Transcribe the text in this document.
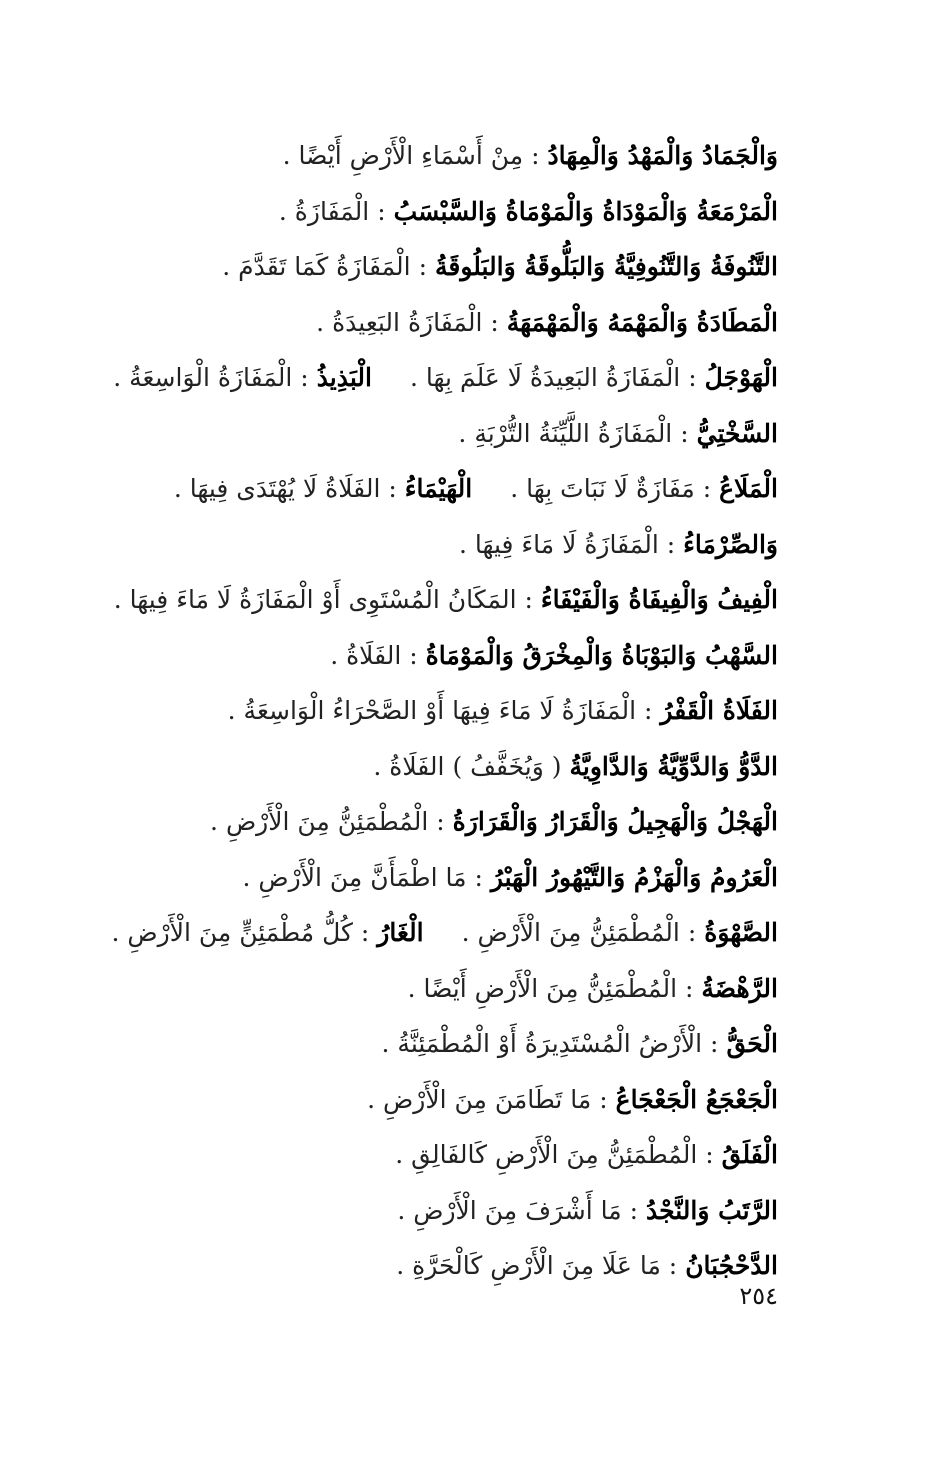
وَالْجَمَادُ وَالْمَهْدُ وَالْمِهَادُ : مِنْ أَسْمَاءِ الْأَرْضِ أَيْضًا .
الْمَرْمَعَةُ وَالْمَوْدَاةُ وَالْمَوْمَاةُ وَالسَّبْسَبُ : الْمَفَازَةُ .
التَّنُوفَةُ وَالتَّنُوفِيَّةُ وَالبَلُّوقَةُ وَالبَلُوقَةُ : الْمَفَازَةُ كَمَا تَقَدَّمَ .
الْمَطَادَةُ وَالْمَهْمَهُ وَالْمَهْمَهَةُ : الْمَفَازَةُ البَعِيدَةُ .
الْهَوْجَلُ : الْمَفَازَةُ البَعِيدَةُ لَا عَلَمَ بِهَا .الْبَذِيذُ : الْمَفَازَةُ الْوَاسِعَةُ .
السَّخْتِيُّ : الْمَفَازَةُ اللَّيِّنَةُ التُّرْبَةِ .
الْمَلَاعُ : مَفَازَةٌ لَا نَبَاتَ بِهَا .الْهَيْمَاءُ : الفَلَاةُ لَا يُهْتَدَى فِيهَا .
وَالصِّرْمَاءُ : الْمَفَازَةُ لَا مَاءَ فِيهَا .
الْفِيفُ وَالْفِيفَاةُ وَالْفَيْفَاءُ : المَكَانُ الْمُسْتَوِى أَوْ الْمَفَازَةُ لَا مَاءَ فِيهَا .
السَّهْبُ وَالبَوْبَاةُ وَالْمِخْرَقُ وَالْمَوْمَاةُ : الفَلَاةُ .
الفَلَاةُ الْقَفْرُ : الْمَفَازَةُ لَا مَاءَ فِيهَا أَوْ الصَّحْرَاءُ الْوَاسِعَةُ .
الدَّوُّ وَالدَّوِّيَّةُ وَالدَّاوِيَّةُ ( وَيُخَفَّفُ ) الفَلَاةُ .
الْهَجْلُ وَالْهَجِيلُ وَالْقَرَارُ وَالْقَرَارَةُ : الْمُطْمَئِنُّ مِنَ الْأَرْضِ .
الْعَرُومُ وَالْهَزْمُ وَالتَّيْهُورُ الْهَبْرُ : مَا اطْمَأَنَّ مِنَ الْأَرْضِ .
الصَّهْوَةُ : الْمُطْمَئِنُّ مِنَ الْأَرْضِ .الْغَارُ : كُلُّ مُطْمَئِنٍّ مِنَ الْأَرْضِ .
الرَّهْضَةُ : الْمُطْمَئِنُّ مِنَ الْأَرْضِ أَيْضًا .
الْحَقُّ : الْأَرْضُ الْمُسْتَدِيرَةُ أَوْ الْمُطْمَئِنَّةُ .
الْجَعْجَعُ الْجَعْجَاعُ : مَا تَطَامَنَ مِنَ الْأَرْضِ .
الْفَلَقُ : الْمُطْمَئِنُّ مِنَ الْأَرْضِ كَالفَالِقِ .
الرَّتَبُ وَالنَّجْدُ : مَا أَشْرَفَ مِنَ الْأَرْضِ .
الدَّحْجُبَانُ : مَا عَلَا مِنَ الْأَرْضِ كَالْحَرَّةِ .
٢٥٤
